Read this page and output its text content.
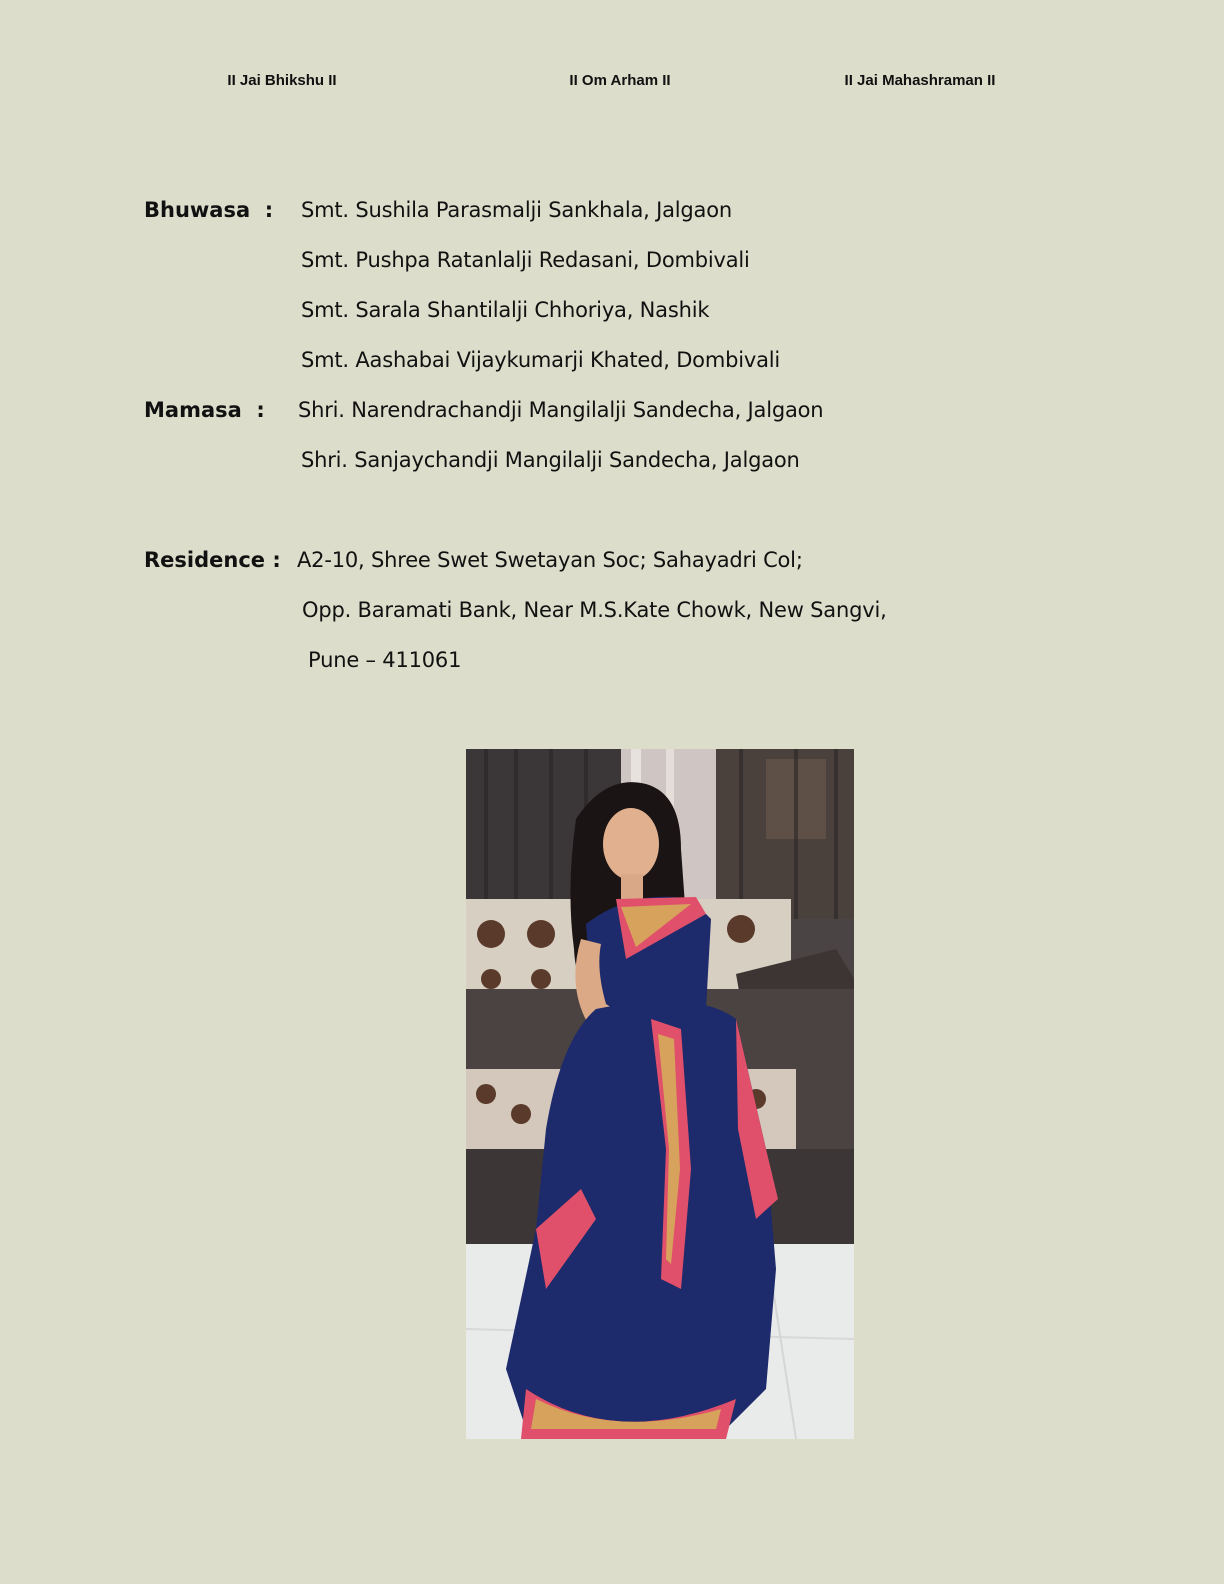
II Jai Bhikshu II	II Om Arham II	II Jai Mahashraman II
Bhuwasa  : Smt. Sushila Parasmalji Sankhala, Jalgaon
Smt. Pushpa Ratanlalji Redasani, Dombivali
Smt. Sarala Shantilalji Chhoriya, Nashik
Smt. Aashabai Vijaykumarji Khated, Dombivali
Mamasa  : Shri. Narendrachandji Mangilalji Sandecha, Jalgaon
Shri. Sanjaychandji Mangilalji Sandecha, Jalgaon
Residence : A2-10, Shree Swet Swetayan Soc; Sahayadri Col;
Opp. Baramati Bank, Near M.S.Kate Chowk, New Sangvi,
Pune – 411061
